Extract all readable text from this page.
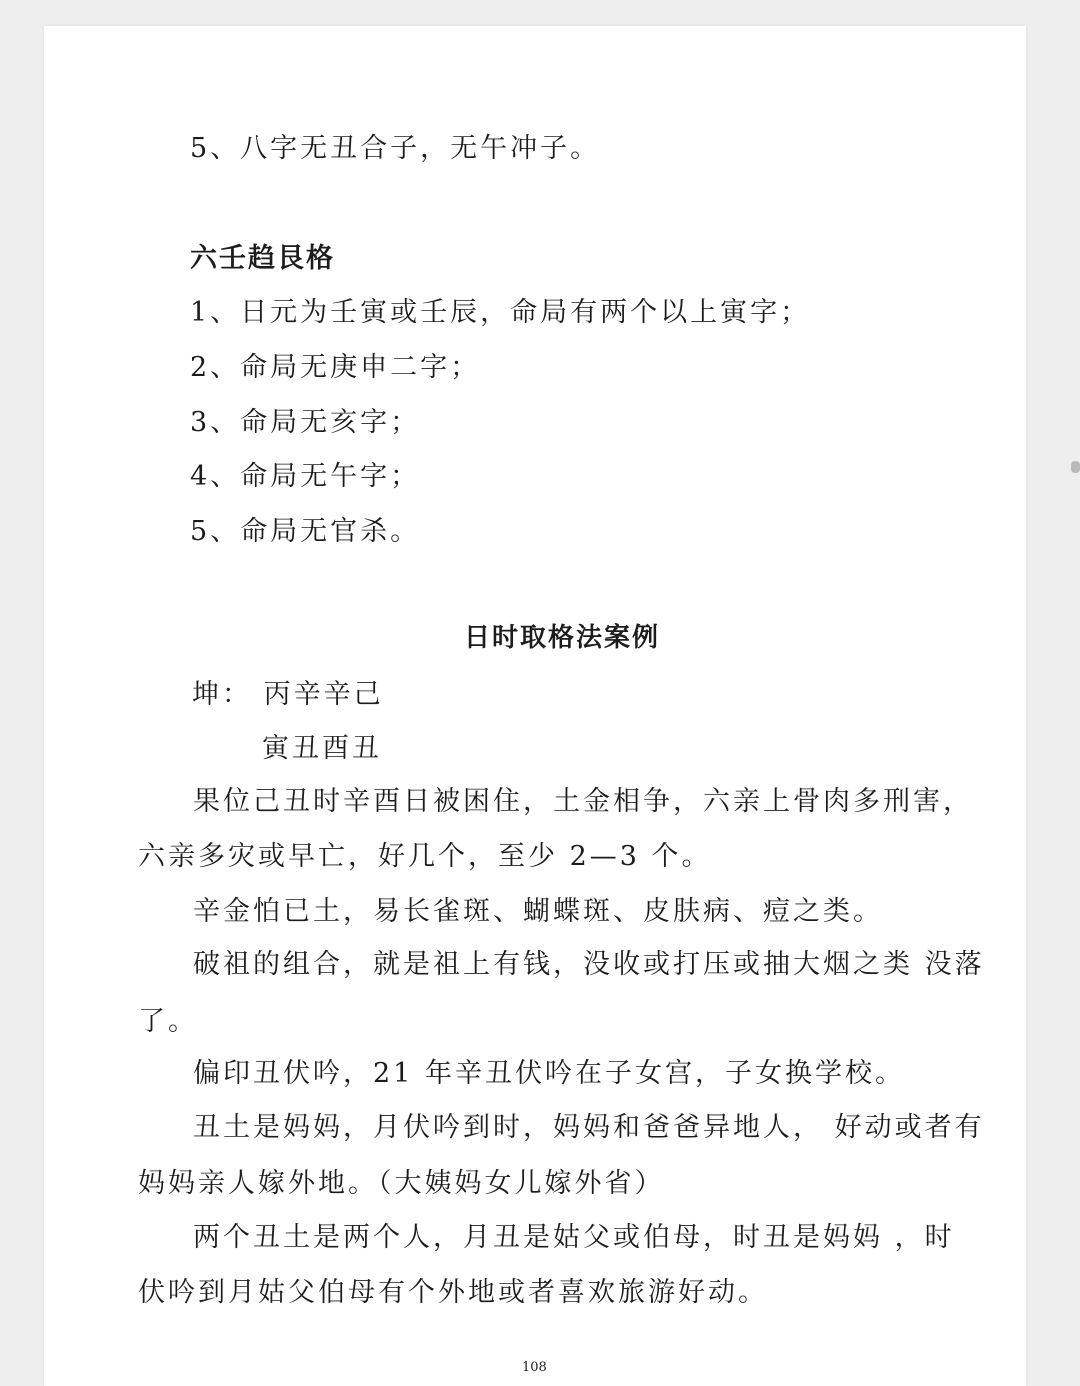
5、八字无丑合子，无午冲子。
六壬趋艮格
1、日元为壬寅或壬辰，命局有两个以上寅字；
2、命局无庚申二字；
3、命局无亥字；
4、命局无午字；
5、命局无官杀。
日时取格法案例
坤： 丙辛辛己
寅丑酉丑
果位己丑时辛酉日被困住，土金相争，六亲上骨肉多刑害，
六亲多灾或早亡，好几个，至少 2—3 个。
辛金怕已土，易长雀斑、蝴蝶斑、皮肤病、痘之类。
破祖的组合，就是祖上有钱，没收或打压或抽大烟之类 没落
了。
偏印丑伏吟，21 年辛丑伏吟在子女宫，子女换学校。
丑土是妈妈，月伏吟到时，妈妈和爸爸异地人， 好动或者有
妈妈亲人嫁外地。（大姨妈女儿嫁外省）
两个丑土是两个人，月丑是姑父或伯母，时丑是妈妈 ，时
伏吟到月姑父伯母有个外地或者喜欢旅游好动。
108
